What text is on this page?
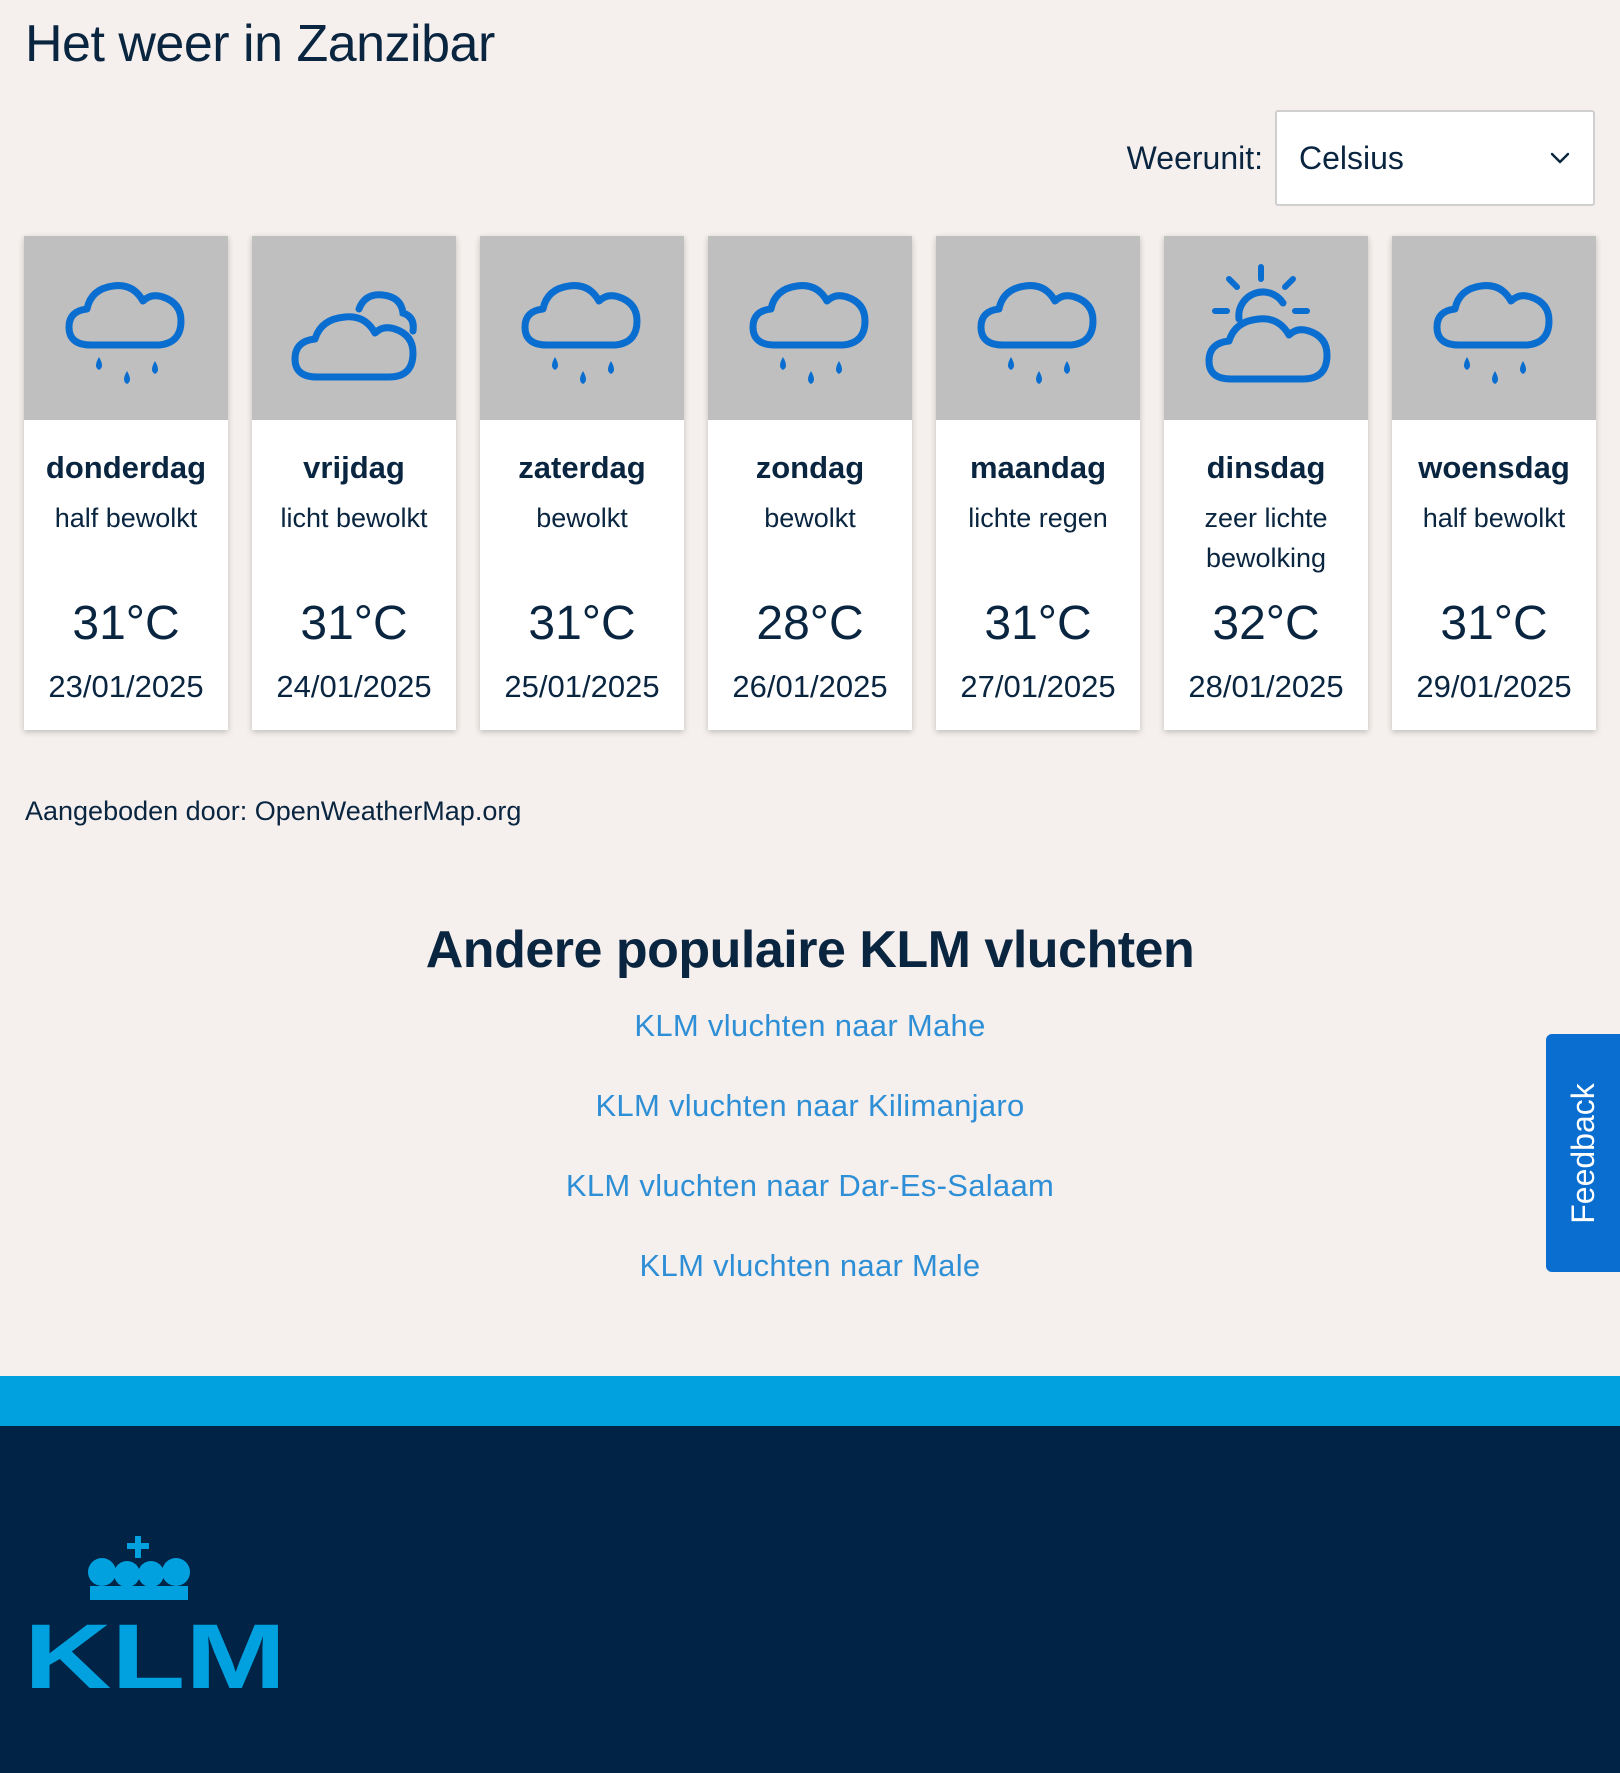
Het weer in Zanzibar
Weerunit: Celsius
donderdag
half bewolkt
31°C
23/01/2025
vrijdag
licht bewolkt
31°C
24/01/2025
zaterdag
bewolkt
31°C
25/01/2025
zondag
bewolkt
28°C
26/01/2025
maandag
lichte regen
31°C
27/01/2025
dinsdag
zeer lichte bewolking
32°C
28/01/2025
woensdag
half bewolkt
31°C
29/01/2025
Aangeboden door: OpenWeatherMap.org
Andere populaire KLM vluchten
KLM vluchten naar Mahe
KLM vluchten naar Kilimanjaro
KLM vluchten naar Dar-Es-Salaam
KLM vluchten naar Male
Feedback
KLM
